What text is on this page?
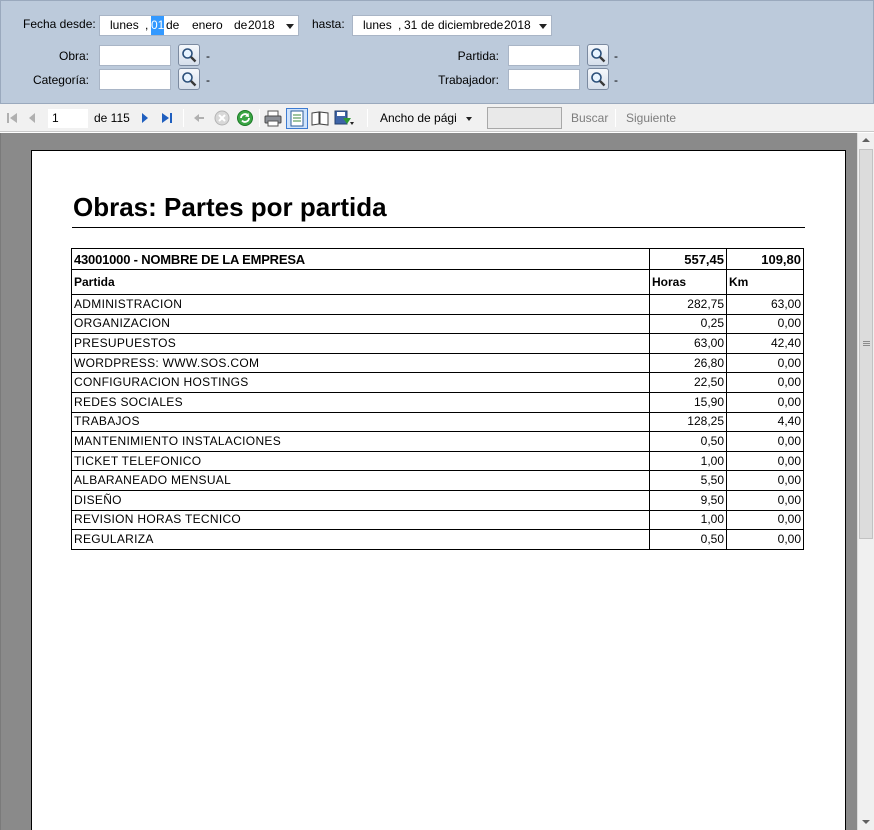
Fecha desde: lunes , 01 de enero de 2018	hasta: lunes , 31 de diciembre de 2018
Obra:	-
Categoría:	-
Partida:	-
Trabajador:	-
1	de 115	Ancho de pági	Buscar Siguiente
Obras: Partes por partida
43001000 - NOMBRE DE LA EMPRESA	557,45	109,80
Partida	Horas	Km
ADMINISTRACION	282,75	63,00
ORGANIZACION	0,25	0,00
PRESUPUESTOS	63,00	42,40
WORDPRESS: WWW.SOS.COM	26,80	0,00
CONFIGURACION HOSTINGS	22,50	0,00
REDES SOCIALES	15,90	0,00
TRABAJOS	128,25	4,40
MANTENIMIENTO INSTALACIONES	0,50	0,00
TICKET TELEFONICO	1,00	0,00
ALBARANEADO MENSUAL	5,50	0,00
DISEÑO	9,50	0,00
REVISION HORAS TECNICO	1,00	0,00
REGULARIZA	0,50	0,00
